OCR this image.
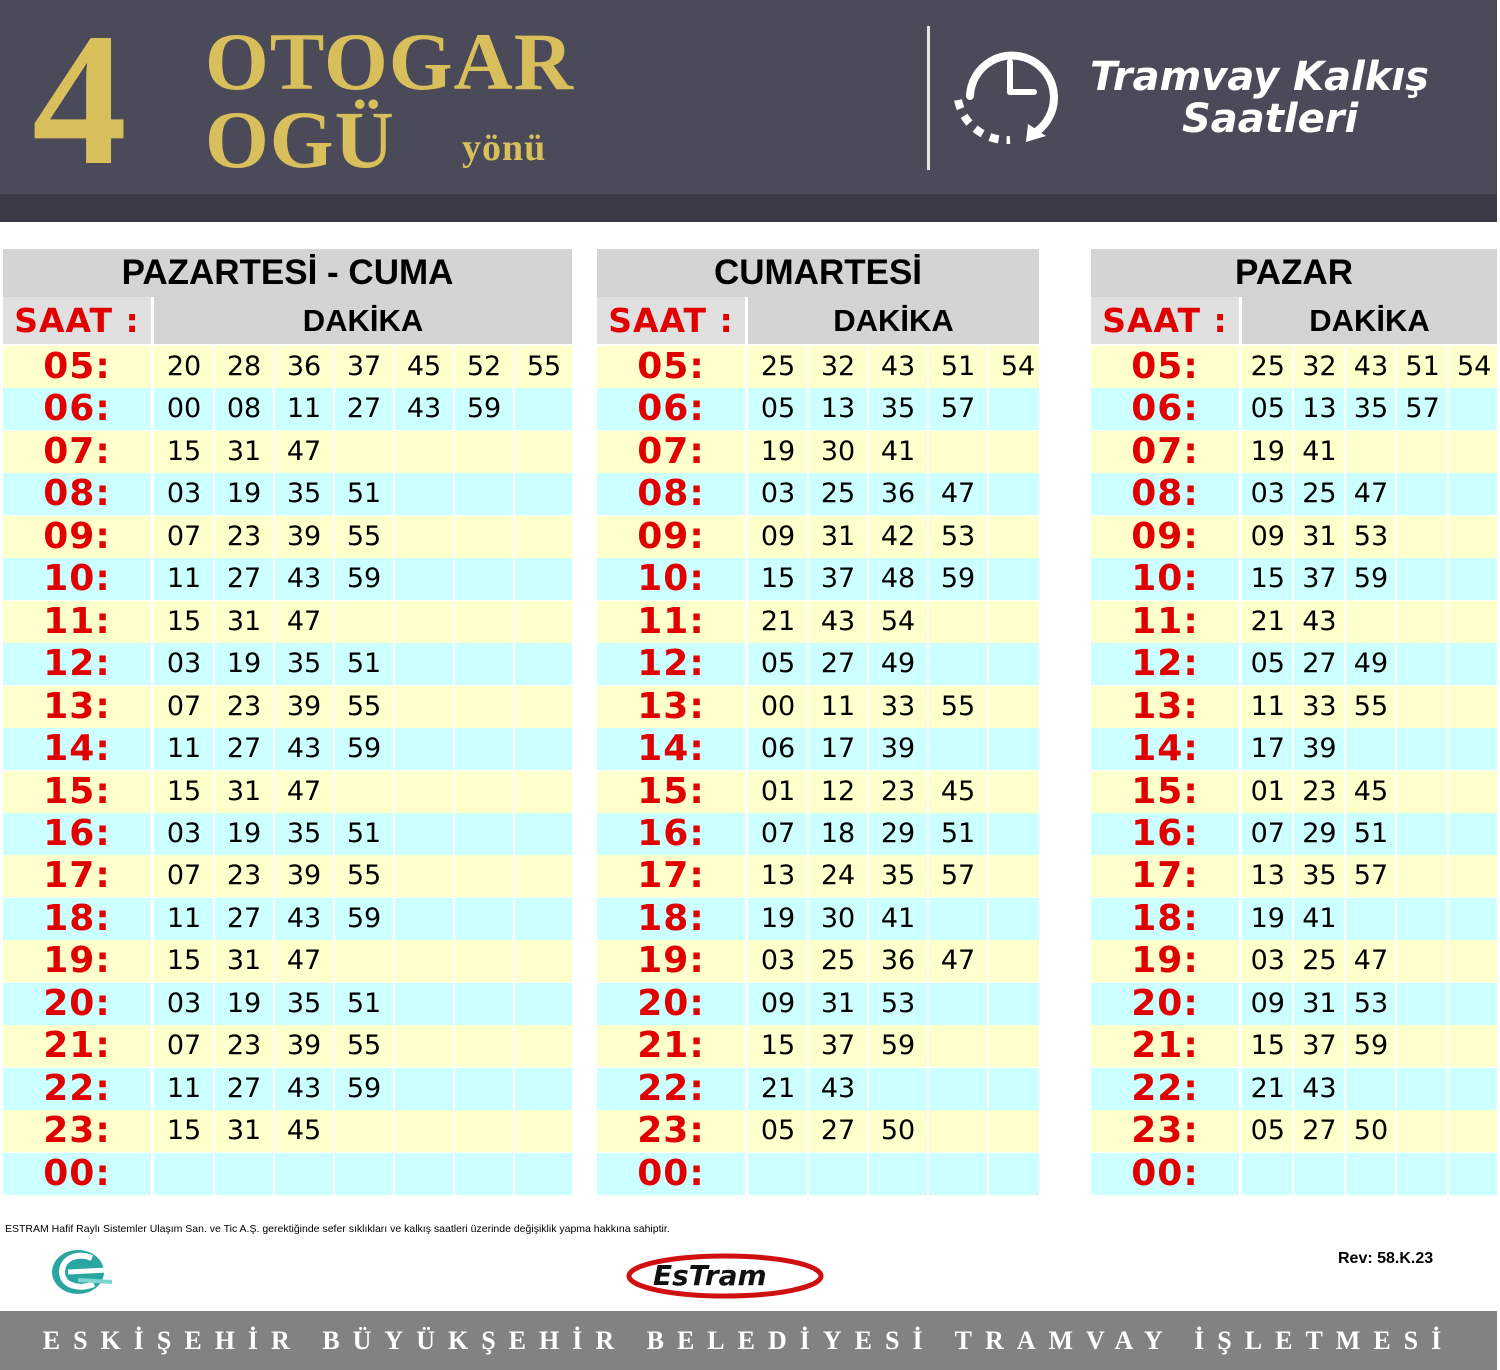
4 OTOGAR
OGÜ yönü
Tramvay Kalkış
Saatleri
PAZARTESİ - CUMA
SAAT :	DAKİKA
05:	20 28 36 37 45 52 55
06:	00 08 11 27 43 59
07:	15 31 47
08:	03 19 35 51
09:	07 23 39 55
10:	11 27 43 59
11:	15 31 47
12:	03 19 35 51
13:	07 23 39 55
14:	11 27 43 59
15:	15 31 47
16:	03 19 35 51
17:	07 23 39 55
18:	11 27 43 59
19:	15 31 47
20:	03 19 35 51
21:	07 23 39 55
22:	11 27 43 59
23:	15 31 45
00:
CUMARTESİ
SAAT :	DAKİKA
05:	25 32 43 51 54
06:	05 13 35 57
07:	19 30 41
08:	03 25 36 47
09:	09 31 42 53
10:	15 37 48 59
11:	21 43 54
12:	05 27 49
13:	00 11 33 55
14:	06 17 39
15:	01 12 23 45
16:	07 18 29 51
17:	13 24 35 57
18:	19 30 41
19:	03 25 36 47
20:	09 31 53
21:	15 37 59
22:	21 43
23:	05 27 50
00:
PAZAR
SAAT :	DAKİKA
05:	25 32 43 51 54
06:	05 13 35 57
07:	19 41
08:	03 25 47
09:	09 31 53
10:	15 37 59
11:	21 43
12:	05 27 49
13:	11 33 55
14:	17 39
15:	01 23 45
16:	07 29 51
17:	13 35 57
18:	19 41
19:	03 25 47
20:	09 31 53
21:	15 37 59
22:	21 43
23:	05 27 50
00:
ESTRAM Hafif Raylı Sistemler Ulaşım San. ve Tic A.Ş. gerektiğinde sefer sıklıkları ve kalkış saatleri üzerinde değişiklik yapma hakkına sahiptir.
Rev: 58.K.23
EsTram
ESKİŞEHİR BÜYÜKŞEHİR BELEDİYESİ TRAMVAY İŞLETMESİ
